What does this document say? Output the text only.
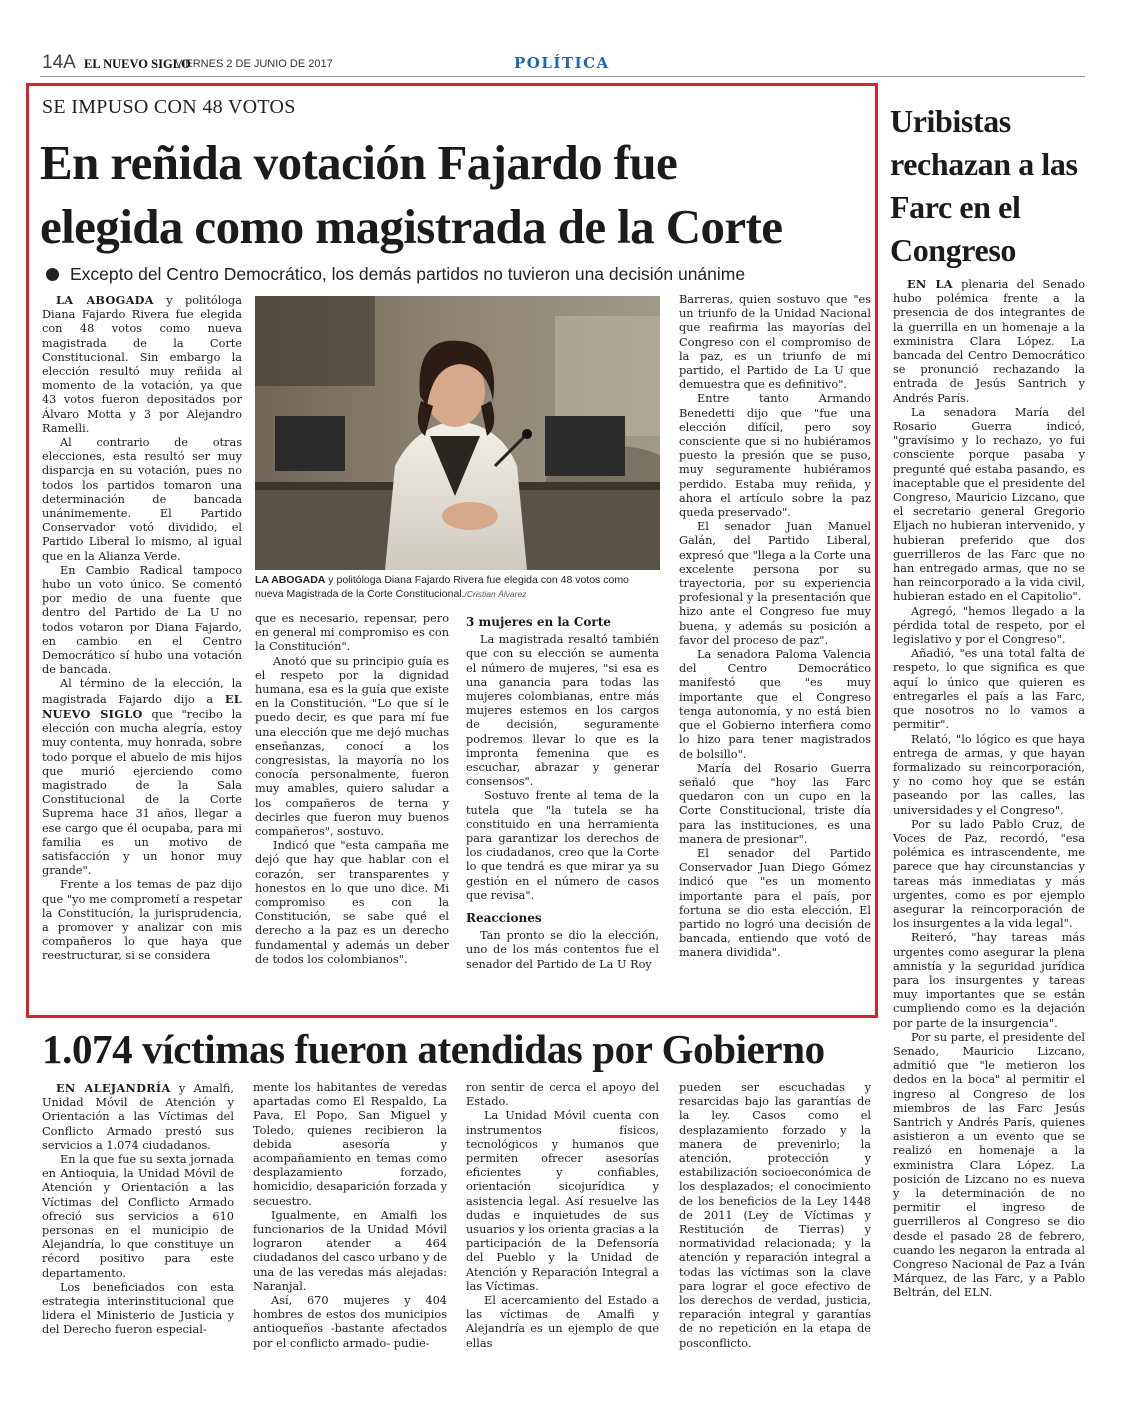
14A EL NUEVO SIGLO
VIERNES 2 DE JUNIO DE 2017	POLÍTICA
SE IMPUSO CON 48 VOTOS
En reñida votación Fajardo fue
elegida como magistrada de la Corte
Excepto del Centro Democrático, los demás partidos no tuvieron una decisión unánime
LA ABOGADA y politóloga Diana Fajardo Rivera fue elegida con 48 votos como nueva Magistrada de la Corte Constitucional./Cristian Álvarez

LA ABOGADA y politóloga Diana Fajardo Rivera fue elegida con 48 votos como nueva magistrada de la Corte Constitucional. Sin embargo la elección resultó muy reñida al momento de la votación, ya que 43 votos fueron depositados por Álvaro Motta y 3 por Alejandro Ramelli.

Al contrario de otras elecciones, esta resultó ser muy disparcja en su votación, pues no todos los partidos tomaron una determinación de bancada unánimemente. El Partido Conservador votó dividido, el Partido Liberal lo mismo, al igual que en la Alianza Verde.

En Cambio Radical tampoco hubo un voto único. Se comentó por medio de una fuente que dentro del Partido de La U no todos votaron por Diana Fajardo, en cambio en el Centro Democrático sí hubo una votación de bancada.

Al término de la elección, la magistrada Fajardo dijo a EL NUEVO SIGLO que "recibo la elección con mucha alegría, estoy muy contenta, muy honrada, sobre todo porque el abuelo de mis hijos que murió ejerciendo como magistrado de la Sala Constitucional de la Corte Suprema hace 31 años, llegar a ese cargo que él ocupaba, para mi familia es un motivo de satisfacción y un honor muy grande".

Frente a los temas de paz dijo que "yo me comprometí a respetar la Constitución, la jurisprudencia, a promover y analizar con mis compañeros lo que haya que reestructurar, si se considera

que es necesario, repensar, pero en general mi compromiso es con la Constitución".

Anotó que su principio guía es el respeto por la dignidad humana, esa es la guía que existe en la Constitución. "Lo que sí le puedo decir, es que para mí fue una elección que me dejó muchas enseñanzas, conocí a los congresistas, la mayoría no los conocía personalmente, fueron muy amables, quiero saludar a los compañeros de terna y decirles que fueron muy buenos compañeros", sostuvo.

Indicó que "esta campaña me dejó que hay que hablar con el corazón, ser transparentes y honestos en lo que uno dice. Mi compromiso es con la Constitución, se sabe qué el derecho a la paz es un derecho fundamental y además un deber de todos los colombianos".

3 mujeres en la Corte

La magistrada resaltó también que con su elección se aumenta el número de mujeres, "si esa es una ganancia para todas las mujeres colombianas, entre más mujeres estemos en los cargos de decisión, seguramente podremos llevar lo que es la impronta femenina que es escuchar, abrazar y generar consensos".

Sostuvo frente al tema de la tutela que "la tutela se ha constituido en una herramienta para garantizar los derechos de los ciudadanos, creo que la Corte lo que tendrá es que mirar ya su gestión en el número de casos que revisa".

Reacciones

Tan pronto se dio la elección, uno de los más contentos fue el senador del Partido de La U Roy

Barreras, quien sostuvo que "es un triunfo de la Unidad Nacional que reafirma las mayorías del Congreso con el compromiso de la paz, es un triunfo de mi partido, el Partido de La U que demuestra que es definitivo".

Entre tanto Armando Benedetti dijo que "fue una elección difícil, pero soy consciente que si no hubiéramos puesto la presión que se puso, muy seguramente hubiéramos perdido. Estaba muy reñida, y ahora el artículo sobre la paz queda preservado".

El senador Juan Manuel Galán, del Partido Liberal, expresó que "llega a la Corte una excelente persona por su trayectoria, por su experiencia profesional y la presentación que hizo ante el Congreso fue muy buena, y además su posición a favor del proceso de paz".

La senadora Paloma Valencia del Centro Democrático manifestó que "es muy importante que el Congreso tenga autonomía, y no está bien que el Gobierno interfiera como lo hizo para tener magistrados de bolsillo".

María del Rosario Guerra señaló que "hoy las Farc quedaron con un cupo en la Corte Constitucional, triste día para las instituciones, es una manera de presionar".

El senador del Partido Conservador Juan Diego Gómez indicó que "es un momento importante para el país, por fortuna se dio esta elección. El partido no logró una decisión de bancada, entiendo que votó de manera dividida".

Uribistas rechazan a las Farc en el Congreso

EN LA plenaria del Senado hubo polémica frente a la presencia de dos integrantes de la guerrilla en un homenaje a la exministra Clara López. La bancada del Centro Democrático se pronunció rechazando la entrada de Jesús Santrich y Andrés París.

La senadora María del Rosario Guerra indicó, "gravísimo y lo rechazo, yo fui consciente porque pasaba y pregunté qué estaba pasando, es inaceptable que el presidente del Congreso, Mauricio Lizcano, que el secretario general Gregorio Eljach no hubieran intervenido, y hubieran preferido que dos guerrilleros de las Farc que no han entregado armas, que no se han reincorporado a la vida civil, hubieran estado en el Capitolio".

Agregó, "hemos llegado a la pérdida total de respeto, por el legislativo y por el Congreso".

Añadió, "es una total falta de respeto, lo que significa es que aquí lo único que quieren es entregarles el país a las Farc, que nosotros no lo vamos a permitir".

Relató, "lo lógico es que haya entrega de armas, y que hayan formalizado su reincorporación, y no como hoy que se están paseando por las calles, las universidades y el Congreso".

Por su lado Pablo Cruz, de Voces de Paz, recordó, "esa polémica es intrascendente, me parece que hay circunstancias y tareas más inmediatas y más urgentes, como es por ejemplo asegurar la reincorporación de los insurgentes a la vida legal".

Reiteró, "hay tareas más urgentes como asegurar la plena amnistía y la seguridad jurídica para los insurgentes y tareas muy importantes que se están cumpliendo como es la dejación por parte de la insurgencia".

Por su parte, el presidente del Senado, Mauricio Lizcano, admitió que "le metieron los dedos en la boca" al permitir el ingreso al Congreso de los miembros de las Farc Jesús Santrich y Andrés París, quienes asistieron a un evento que se realizó en homenaje a la exministra Clara López. La posición de Lizcano no es nueva y la determinación de no permitir el ingreso de guerrilleros al Congreso se dio desde el pasado 28 de febrero, cuando les negaron la entrada al Congreso Nacional de Paz a Iván Márquez, de las Farc, y a Pablo Beltrán, del ELN.

1.074 víctimas fueron atendidas por Gobierno

EN ALEJANDRÍA y Amalfi, Unidad Móvil de Atención y Orientación a las Víctimas del Conflicto Armado prestó sus servicios a 1.074 ciudadanos.

En la que fue su sexta jornada en Antioquia, la Unidad Móvil de Atención y Orientación a las Víctimas del Conflicto Armado ofreció sus servicios a 610 personas en el municipio de Alejandría, lo que constituye un récord positivo para este departamento.

Los beneficiados con esta estrategia interinstitucional que lidera el Ministerio de Justicia y del Derecho fueron especial-

mente los habitantes de veredas apartadas como El Respaldo, La Pava, El Popo, San Miguel y Toledo, quienes recibieron la debida asesoría y acompañamiento en temas como desplazamiento forzado, homicidio, desaparición forzada y secuestro.

Igualmente, en Amalfi los funcionarios de la Unidad Móvil lograron atender a 464 ciudadanos del casco urbano y de una de las veredas más alejadas: Naranjal.

Así, 670 mujeres y 404 hombres de estos dos municipios antioqueños -bastante afectados por el conflicto armado- pudie-

ron sentir de cerca el apoyo del Estado.

La Unidad Móvil cuenta con instrumentos físicos, tecnológicos y humanos que permiten ofrecer asesorías eficientes y confiables, orientación sicojurídica y asistencia legal. Así resuelve las dudas e inquietudes de sus usuarios y los orienta gracias a la participación de la Defensoría del Pueblo y la Unidad de Atención y Reparación Integral a las Víctimas.

El acercamiento del Estado a las víctimas de Amalfi y Alejandría es un ejemplo de que ellas

pueden ser escuchadas y resarcidas bajo las garantías de la ley. Casos como el desplazamiento forzado y la manera de prevenirlo; la atención, protección y estabilización socioeconómica de los desplazados; el conocimiento de los beneficios de la Ley 1448 de 2011 (Ley de Víctimas y Restitución de Tierras) y normatividad relacionada; y la atención y reparación integral a todas las víctimas son la clave para lograr el goce efectivo de los derechos de verdad, justicia, reparación integral y garantías de no repetición en la etapa de posconflicto.
